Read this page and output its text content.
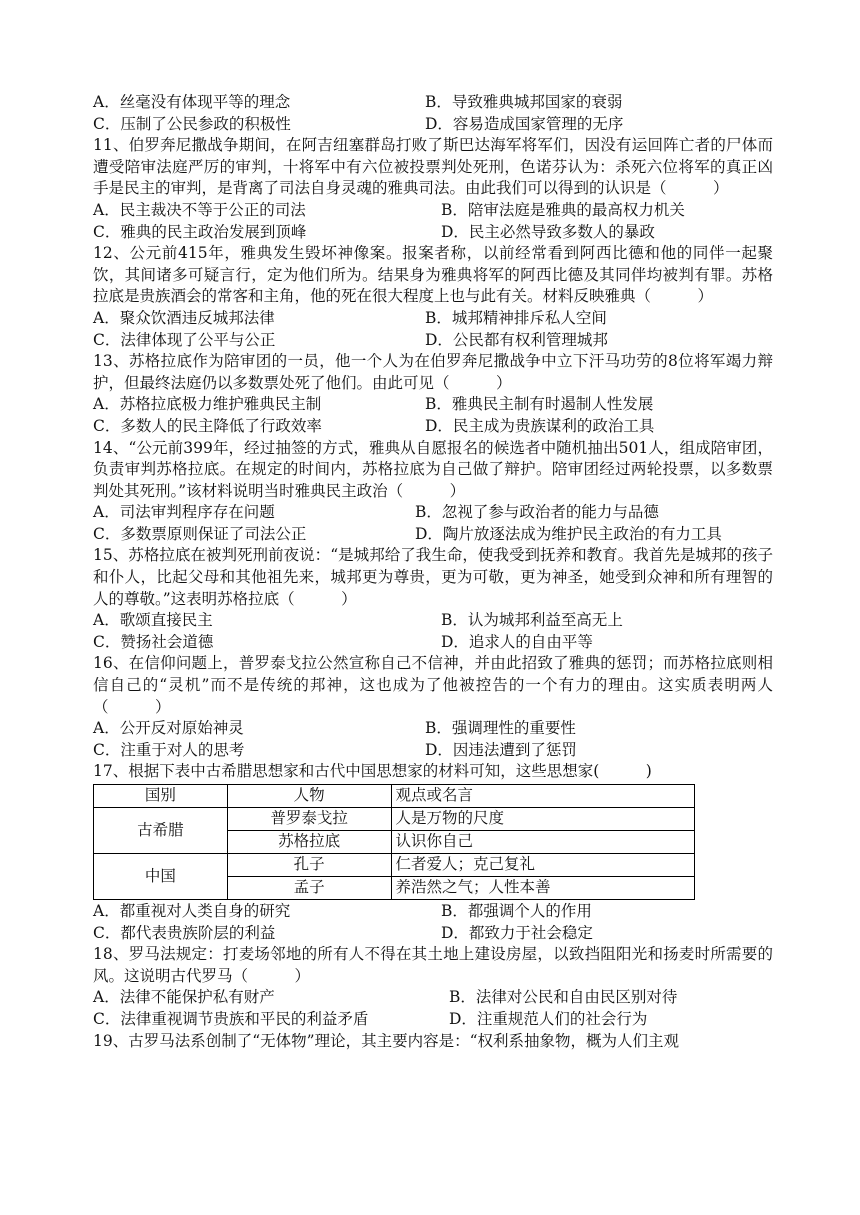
A．丝毫没有体现平等的理念	B．导致雅典城邦国家的衰弱
C．压制了公民参政的积极性	D．容易造成国家管理的无序

11、伯罗奔尼撒战争期间，在阿吉纽塞群岛打败了斯巴达海军将军们，因没有运回阵亡者的尸体而遭受陪审法庭严厉的审判，十将军中有六位被投票判处死刑，色诺芬认为：杀死六位将军的真正凶手是民主的审判，是背离了司法自身灵魂的雅典司法。由此我们可以得到的认识是（　　　）

A．民主裁决不等于公正的司法	B．陪审法庭是雅典的最高权力机关
C．雅典的民主政治发展到顶峰	D．民主必然导致多数人的暴政

12、公元前415年，雅典发生毁坏神像案。报案者称，以前经常看到阿西比德和他的同伴一起聚饮，其间诸多可疑言行，定为他们所为。结果身为雅典将军的阿西比德及其同伴均被判有罪。苏格拉底是贵族酒会的常客和主角，他的死在很大程度上也与此有关。材料反映雅典（　　　）

A．聚众饮酒违反城邦法律	B．城邦精神排斥私人空间
C．法律体现了公平与公正	D．公民都有权利管理城邦

13、苏格拉底作为陪审团的一员，他一个人为在伯罗奔尼撒战争中立下汗马功劳的8位将军竭力辩护，但最终法庭仍以多数票处死了他们。由此可见（　　　）

A．苏格拉底极力维护雅典民主制	B．雅典民主制有时遏制人性发展
C．多数人的民主降低了行政效率	D．民主成为贵族谋利的政治工具

14、“公元前399年，经过抽签的方式，雅典从自愿报名的候选者中随机抽出501人，组成陪审团，负责审判苏格拉底。在规定的时间内，苏格拉底为自己做了辩护。陪审团经过两轮投票，以多数票判处其死刑。”该材料说明当时雅典民主政治（　　　）

A．司法审判程序存在问题	B．忽视了参与政治者的能力与品德
C．多数票原则保证了司法公正	D．陶片放逐法成为维护民主政治的有力工具

15、苏格拉底在被判死刑前夜说：“是城邦给了我生命，使我受到抚养和教育。我首先是城邦的孩子和仆人，比起父母和其他祖先来，城邦更为尊贵，更为可敬，更为神圣，她受到众神和所有理智的人的尊敬。”这表明苏格拉底（　　　）

A．歌颂直接民主	B．认为城邦利益至高无上
C．赞扬社会道德	D．追求人的自由平等

16、在信仰问题上，普罗泰戈拉公然宣称自己不信神，并由此招致了雅典的惩罚；而苏格拉底则相信自己的“灵机”而不是传统的邦神，这也成为了他被控告的一个有力的理由。这实质表明两人（　　　）

A．公开反对原始神灵	B．强调理性的重要性
C．注重于对人的思考	D．因违法遭到了惩罚

17、根据下表中古希腊思想家和古代中国思想家的材料可知，这些思想家(　　　)

国别	人物	观点或名言
古希腊	普罗泰戈拉	人是万物的尺度
	苏格拉底	认识你自己
中国	孔子	仁者爱人；克己复礼
	孟子	养浩然之气；人性本善
A．都重视对人类自身的研究	B．都强调个人的作用
C．都代表贵族阶层的利益	D．都致力于社会稳定

18、罗马法规定：打麦场邻地的所有人不得在其土地上建设房屋，以致挡阻阳光和扬麦时所需要的风。这说明古代罗马（　　　）

A．法律不能保护私有财产	B．法律对公民和自由民区别对待
C．法律重视调节贵族和平民的利益矛盾	D．注重规范人们的社会行为

19、古罗马法系创制了“无体物”理论，其主要内容是：“权利系抽象物，概为人们主观
